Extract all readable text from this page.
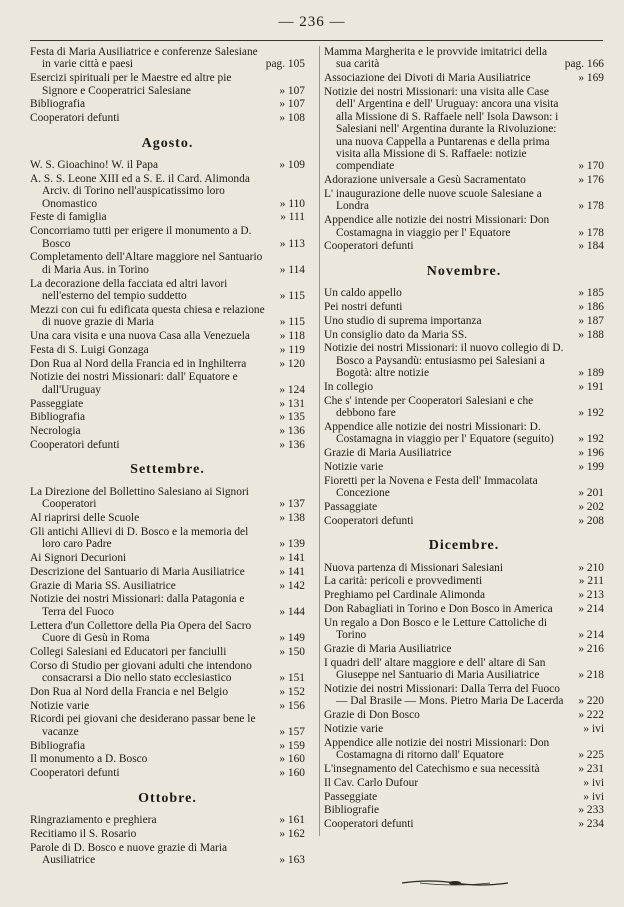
— 236 —
Festa di Maria Ausiliatrice e conferenze Salesiane in varie città e paesi	pag. 105
Esercizi spirituali per le Maestre ed altre pie Signore e Cooperatrici Salesiane	» 107
Bibliografia	» 107
Cooperatori defunti	» 108
Agosto.
W. S. Gioachino! W. il Papa	» 109
A. S. S. Leone XIII ed a S. E. il Card. Alimonda Arciv. di Torino nell'auspicatissimo loro Onomastico	» 110
Feste di famiglia	» 111
Concorriamo tutti per erigere il monumento a D. Bosco	» 113
Completamento dell'Altare maggiore nel Santuario di Maria Aus. in Torino	» 114
La decorazione della facciata ed altri lavori nell'esterno del tempio suddetto	» 115
Mezzi con cui fu edificata questa chiesa e relazione di nuove grazie di Maria	» 115
Una cara visita e una nuova Casa alla Venezuela	» 118
Festa di S. Luigi Gonzaga	» 119
Don Rua al Nord della Francia ed in Inghilterra	» 120
Notizie dei nostri Missionari: dall' Equatore e dall'Uruguay	» 124
Passeggiate	» 131
Bibliografia	» 135
Necrologia	» 136
Cooperatori defunti	» 136
Settembre.
La Direzione del Bollettino Salesiano ai Signori Cooperatori	» 137
Al riaprirsi delle Scuole	» 138
Gli antichi Allievi di D. Bosco e la memoria del loro caro Padre	» 139
Ai Signori Decurioni	» 141
Descrizione del Santuario di Maria Ausiliatrice	» 141
Grazie di Maria SS. Ausiliatrice	» 142
Notizie dei nostri Missionari: dalla Patagonia e Terra del Fuoco	» 144
Lettera d'un Collettore della Pia Opera del Sacro Cuore di Gesù in Roma	» 149
Collegi Salesiani ed Educatori per fanciulli	» 150
Corso di Studio per giovani adulti che intendono consacrarsi a Dio nello stato ecclesiastico	» 151
Don Rua al Nord della Francia e nel Belgio	» 152
Notizie varie	» 156
Ricordi pei giovani che desiderano passar bene le vacanze	» 157
Bibliografia	» 159
Il monumento a D. Bosco	» 160
Cooperatori defunti	» 160
Ottobre.
Ringraziamento e preghiera	» 161
Recitiamo il S. Rosario	» 162
Parole di D. Bosco e nuove grazie di Maria Ausiliatrice	» 163
Mamma Margherita e le provvide imitatrici della sua carità	pag. 166
Associazione dei Divoti di Maria Ausiliatrice	» 169
Notizie dei nostri Missionari: una visita alle Case dell' Argentina e dell' Uruguay: ancora una visita alla Missione di S. Raffaele nell' Isola Dawson: i Salesiani nell' Argentina durante la Rivoluzione: una nuova Cappella a Puntarenas e della prima visita alla Missione di S. Raffaele: notizie compendiate	» 170
Adorazione universale a Gesù Sacramentato	» 176
L' inaugurazione delle nuove scuole Salesiane a Londra	» 178
Appendice alle notizie dei nostri Missionari: Don Costamagna in viaggio per l' Equatore	» 178
Cooperatori defunti	» 184
Novembre.
Un caldo appello	» 185
Pei nostri defunti	» 186
Uno studio di suprema importanza	» 187
Un consiglio dato da Maria SS.	» 188
Notizie dei nostri Missionari: il nuovo collegio di D. Bosco a Paysandù: entusiasmo pei Salesiani a Bogotà: altre notizie	» 189
In collegio	» 191
Che s' intende per Cooperatori Salesiani e che debbono fare	» 192
Appendice alle notizie dei nostri Missionari: D. Costamagna in viaggio per l' Equatore (seguito)	» 192
Grazie di Maria Ausiliatrice	» 196
Notizie varie	» 199
Fioretti per la Novena e Festa dell' Immacolata Concezione	» 201
Passaggiate	» 202
Cooperatori defunti	» 208
Dicembre.
Nuova partenza di Missionari Salesiani	» 210
La carità: pericoli e provvedimenti	» 211
Preghiamo pel Cardinale Alimonda	» 213
Don Rabagliati in Torino e Don Bosco in America	» 214
Un regalo a Don Bosco e le Letture Cattoliche di Torino	» 214
Grazie di Maria Ausiliatrice	» 216
I quadri dell' altare maggiore e dell' altare di San Giuseppe nel Santuario di Maria Ausiliatrice	» 218
Notizie dei nostri Missionari: Dalla Terra del Fuoco — Dal Brasile — Mons. Pietro Maria De Lacerda	» 220
Grazie di Don Bosco	» 222
Notizie varie	» ivi
Appendice alle notizie dei nostri Missionari: Don Costamagna di ritorno dall' Equatore	» 225
L'insegnamento del Catechismo e sua necessità	» 231
Il Cav. Carlo Dufour	» ivi
Passeggiate	» ivi
Bibliografie	» 233
Cooperatori defunti	» 234
